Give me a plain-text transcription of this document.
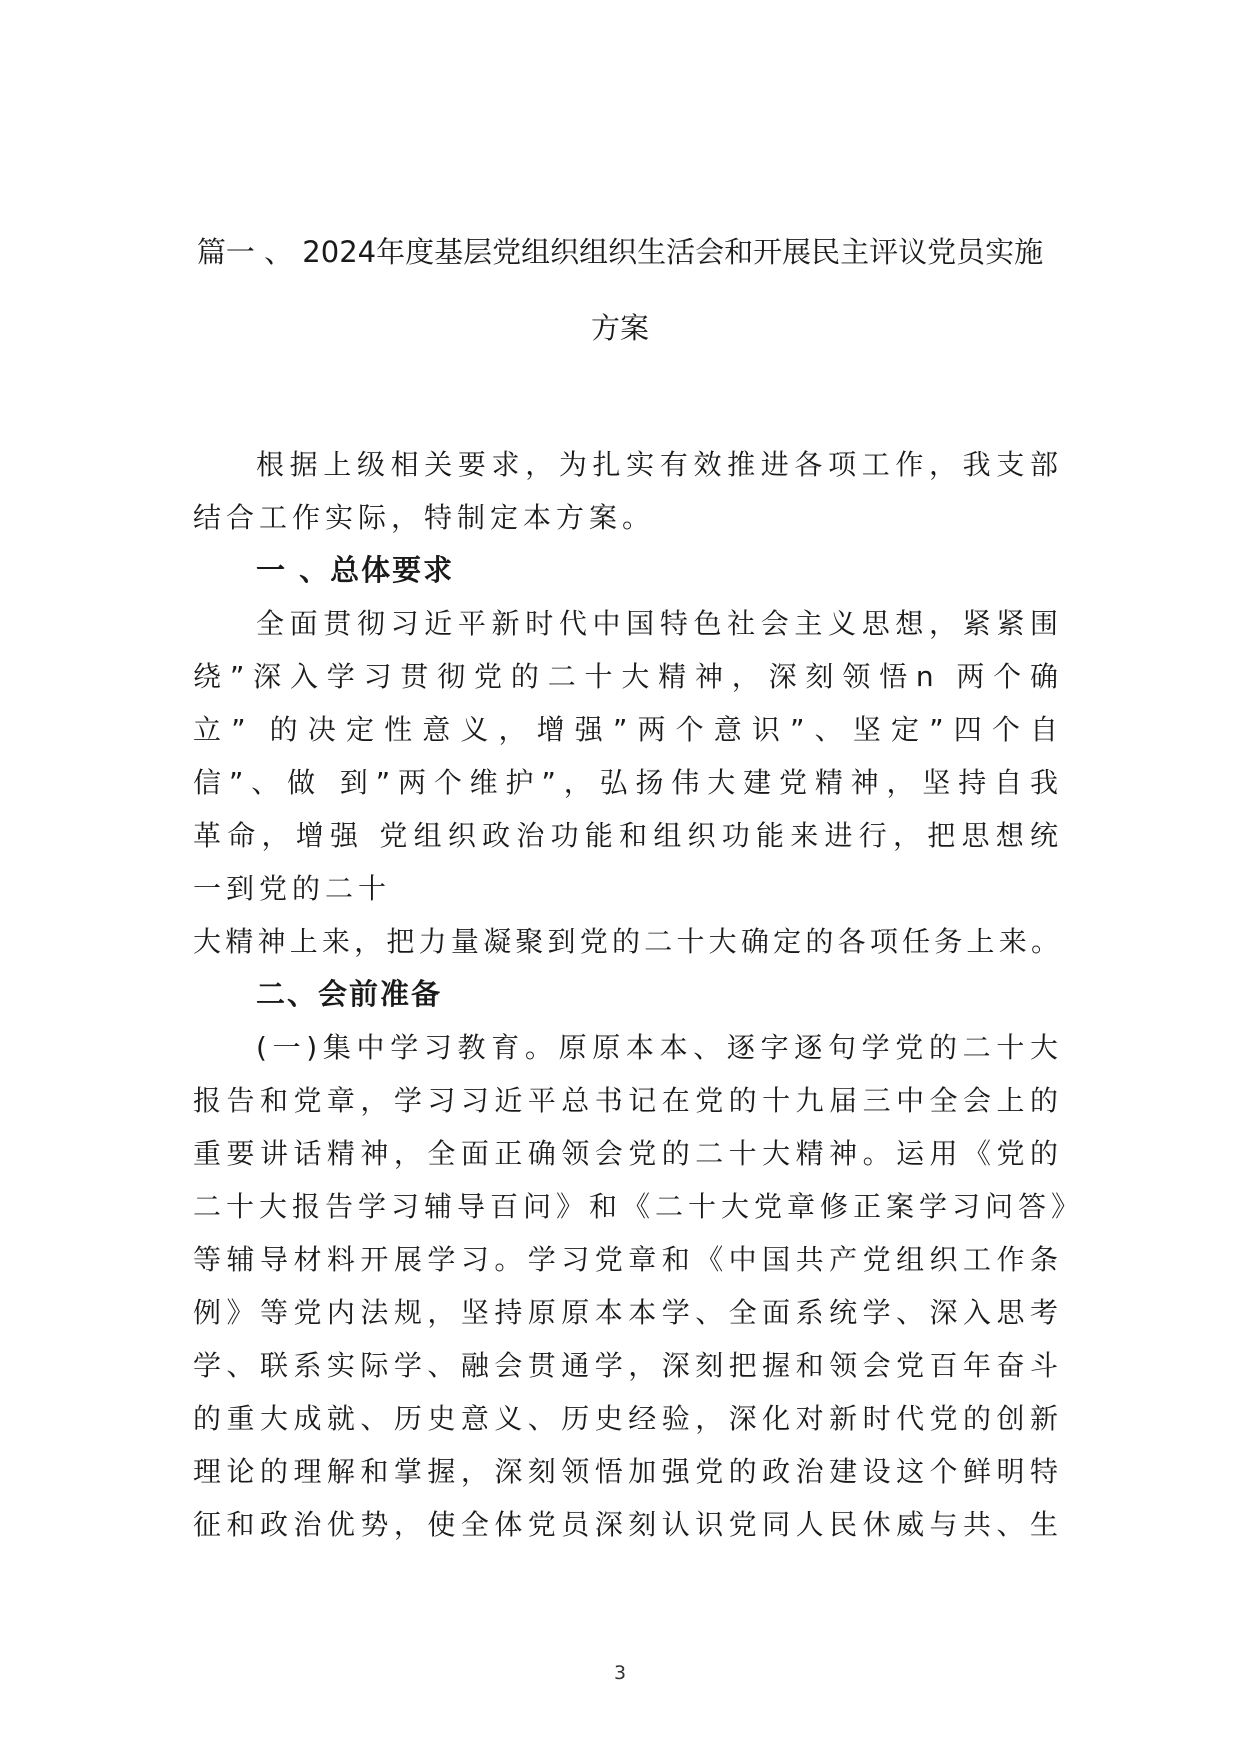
篇一 、 2024年度基层党组织组织生活会和开展民主评议党员实施
方案
根据上级相关要求，为扎实有效推进各项工作，我支部
结合工作实际，特制定本方案。
一 、总体要求
全面贯彻习近平新时代中国特色社会主义思想，紧紧围
绕”深入学习贯彻党的二十大精神，深刻领悟n 两个确
立” 的决定性意义，增强”两个意识”、坚定”四个自
信”、做 到”两个维护”，弘扬伟大建党精神，坚持自我
革命，增强 党组织政治功能和组织功能来进行，把思想统
一到党的二十
大精神上来，把力量凝聚到党的二十大确定的各项任务上来。
二、会前准备
(一)集中学习教育。原原本本、逐字逐句学党的二十大
报告和党章，学习习近平总书记在党的十九届三中全会上的
重要讲话精神，全面正确领会党的二十大精神。运用《党的
二十大报告学习辅导百问》和《二十大党章修正案学习问答》
等辅导材料开展学习。学习党章和《中国共产党组织工作条
例》等党内法规，坚持原原本本学、全面系统学、深入思考
学、联系实际学、融会贯通学，深刻把握和领会党百年奋斗
的重大成就、历史意义、历史经验，深化对新时代党的创新
理论的理解和掌握，深刻领悟加强党的政治建设这个鲜明特
征和政治优势，使全体党员深刻认识党同人民休威与共、生
3
